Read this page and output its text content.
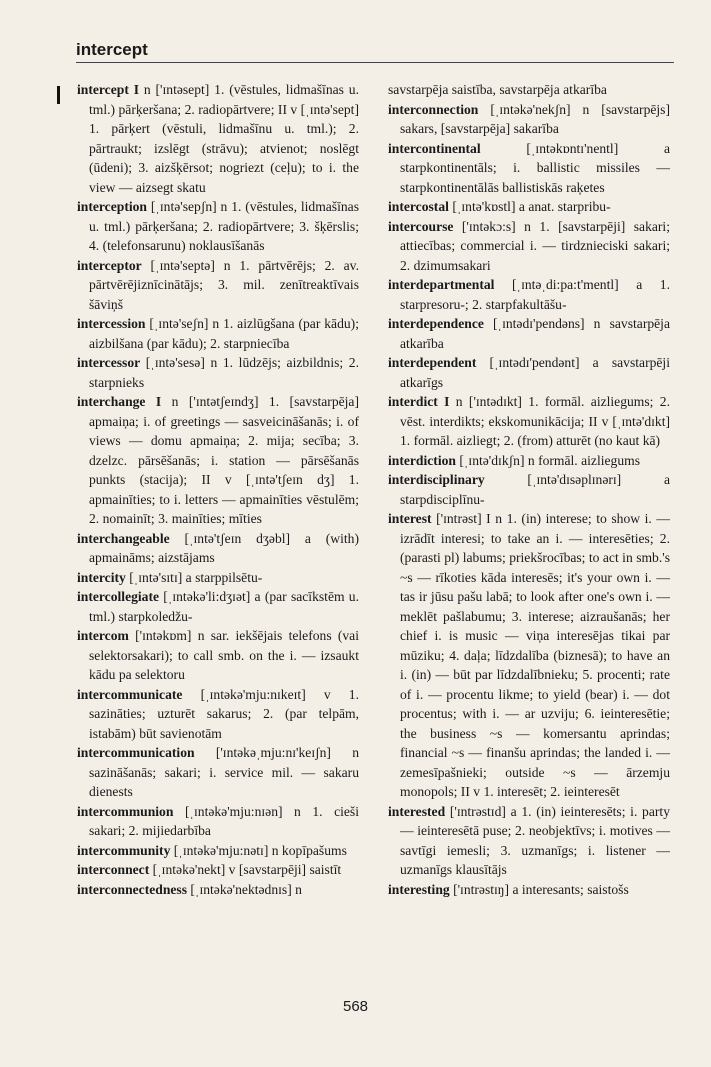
intercept

intercept I n ['ɪntəsept] 1. (vēstules, lidmašīnas u. tml.) pārķeršana; 2. radiopārtvere; II v [ˌɪntə'sept] 1. pārķert (vēstuli, lidmašīnu u. tml.); 2. pārtraukt; izslēgt (strāvu); atvienot; noslēgt (ūdeni); 3. aizšķērsot; nogriezt (ceļu); to i. the view — aizsegt skatu

interception [ˌɪntə'sepʃn] n 1. (vēstules, lidmašīnas u. tml.) pārķeršana; 2. radiopārtvere; 3. šķērslis; 4. (telefonsarunu) noklausīšanās

interceptor [ˌɪntə'septə] n 1. pārtvērējs; 2. av. pārtvērējiznīcinātājs; 3. mil. zenītreaktīvais šāviņš

intercession [ˌɪntə'seʃn] n 1. aizlūgšana (par kādu); aizbilšana (par kādu); 2. starpniecība

intercessor [ˌɪntə'sesə] n 1. lūdzējs; aizbildnis; 2. starpnieks

interchange I n ['ɪntətʃeɪndʒ] 1. [savstarpēja] apmaiņa; i. of greetings — sasveicināšanās; i. of views — domu apmaiņa; 2. mija; secība; 3. dzelzc. pārsēšanās; i. station — pārsēšanās punkts (stacija); II v [ˌɪntə'tʃeɪn dʒ] 1. apmainīties; to i. letters — apmainīties vēstulēm; 2. nomainīt; 3. mainīties; mīties

interchangeable [ˌɪntə'tʃeɪn dʒəbl] a (with) apmaināms; aizstājams

intercity [ˌɪntə'sɪtɪ] a starppilsētu-

intercollegiate [ˌɪntəkə'li:dʒɪət] a (par sacīkstēm u. tml.) starpkoledžu-

intercom ['ɪntəkɒm] n sar. iekšējais telefons (vai selektorsakari); to call smb. on the i. — izsaukt kādu pa selektoru

intercommunicate [ˌɪntəkə'mju:nɪkeɪt] v 1. sazināties; uzturēt sakarus; 2. (par telpām, istabām) būt savienotām

intercommunication ['ɪntəkəˌmju:nɪ'keɪʃn] n sazināšanās; sakari; i. service mil. — sakaru dienests

intercommunion [ˌɪntəkə'mju:nɪən] n 1. cieši sakari; 2. mijiedarbība

intercommunity [ˌɪntəkə'mju:nətɪ] n kopīpašums

interconnect [ˌɪntəkə'nekt] v [savstarpēji] saistīt

interconnectedness [ˌɪntəkə'nektədnɪs] n

savstarpēja saistība, savstarpēja atkarība

interconnection [ˌɪntəkə'nekʃn] n [savstarpējs] sakars, [savstarpēja] sakarība

intercontinental [ˌɪntəkɒntɪ'nentl] a starpkontinentāls; i. ballistic missiles — starpkontinentālās ballistiskās raķetes

intercostal [ˌɪntə'kɒstl] a anat. starpribu-

intercourse ['ɪntəkɔ:s] n 1. [savstarpēji] sakari; attiecības; commercial i. — tirdznieciski sakari; 2. dzimumsakari

interdepartmental [ˌɪntəˌdi:pa:t'mentl] a 1. starpresoru-; 2. starpfakultāšu-

interdependence [ˌɪntədɪ'pendəns] n savstarpēja atkarība

interdependent [ˌɪntədɪ'pendənt] a savstarpēji atkarīgs

interdict I n ['ɪntədɪkt] 1. formāl. aizliegums; 2. vēst. interdikts; ekskomunikācija; II v [ˌɪntə'dɪkt] 1. formāl. aizliegt; 2. (from) atturēt (no kaut kā)

interdiction [ˌɪntə'dɪkʃn] n formāl. aizliegums

interdisciplinary [ˌɪntə'dɪsəplɪnərɪ] a starpdisciplīnu-

interest ['ɪntrəst] I n 1. (in) interese; to show i. — izrādīt interesi; to take an i. — interesēties; 2. (parasti pl) labums; priekšrocības; to act in smb.'s ~s — rīkoties kāda interesēs; it's your own i. — tas ir jūsu pašu labā; to look after one's own i. — meklēt pašlabumu; 3. interese; aizraušanās; her chief i. is music — viņa interesējas tikai par mūziku; 4. daļa; līdzdalība (biznesā); to have an i. (in) — būt par līdzdalībnieku; 5. procenti; rate of i. — procentu likme; to yield (bear) i. — dot procentus; with i. — ar uzviju; 6. ieinteresētie; the business ~s — komersantu aprindas; financial ~s — finanšu aprindas; the landed i. — zemesīpašnieki; outside ~s — ārzemju monopols; II v 1. interesēt; 2. ieinteresēt

interested ['ɪntrəstɪd] a 1. (in) ieinteresēts; i. party — ieinteresētā puse; 2. neobjektīvs; i. motives — savtīgi iemesli; 3. uzmanīgs; i. listener — uzmanīgs klausītājs

interesting ['ɪntrəstɪŋ] a interesants; saistošs

568
